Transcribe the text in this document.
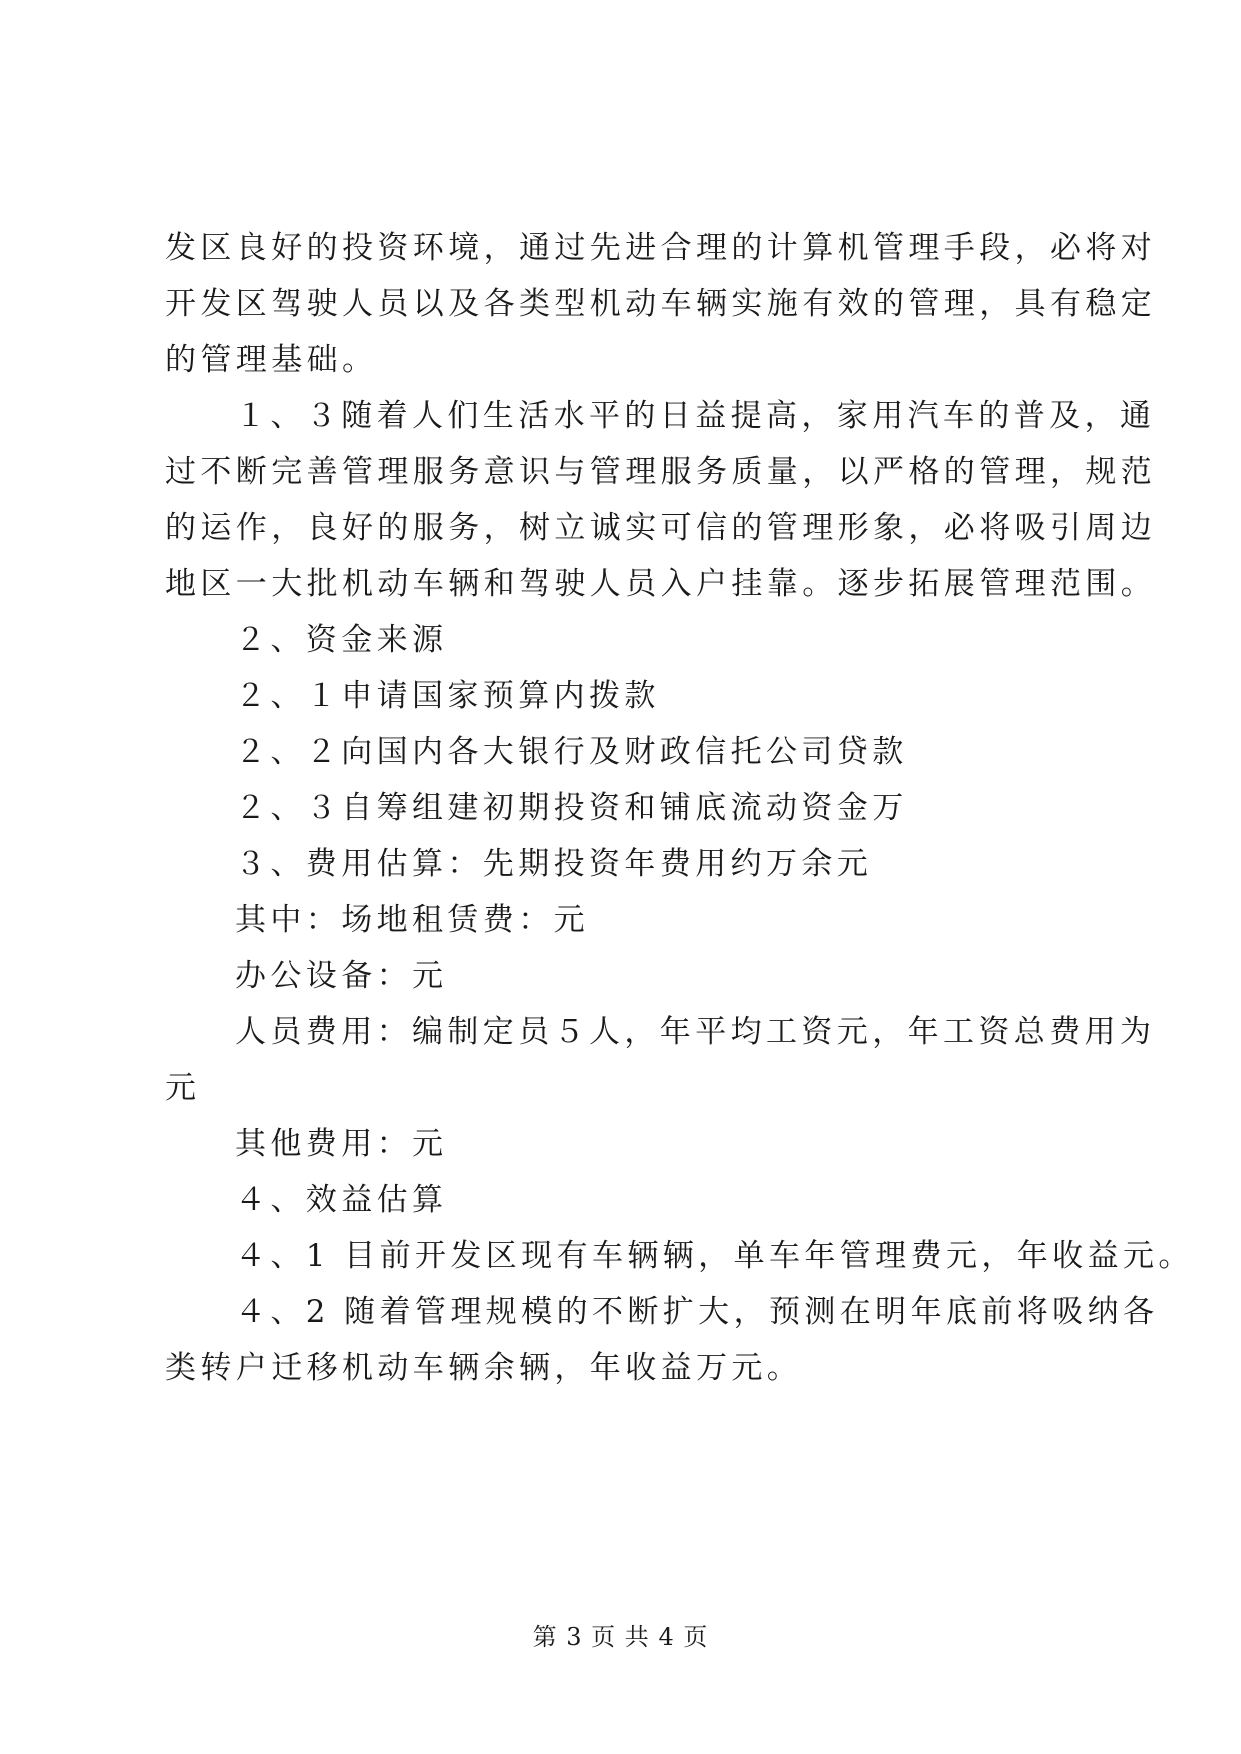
发区良好的投资环境，通过先进合理的计算机管理手段，必将对
开发区驾驶人员以及各类型机动车辆实施有效的管理，具有稳定
的管理基础。
１、３随着人们生活水平的日益提高，家用汽车的普及，通
过不断完善管理服务意识与管理服务质量，以严格的管理，规范
的运作，良好的服务，树立诚实可信的管理形象，必将吸引周边
地区一大批机动车辆和驾驶人员入户挂靠。逐步拓展管理范围。
２、资金来源
２、１申请国家预算内拨款
２、２向国内各大银行及财政信托公司贷款
２、３自筹组建初期投资和铺底流动资金万
３、费用估算：先期投资年费用约万余元
其中：场地租赁费：元
办公设备：元
人员费用：编制定员５人，年平均工资元，年工资总费用为
元
其他费用：元
４、效益估算
４、1 目前开发区现有车辆辆，单车年管理费元，年收益元。
４、2 随着管理规模的不断扩大，预测在明年底前将吸纳各
类转户迁移机动车辆余辆，年收益万元。
第 3 页 共 4 页
